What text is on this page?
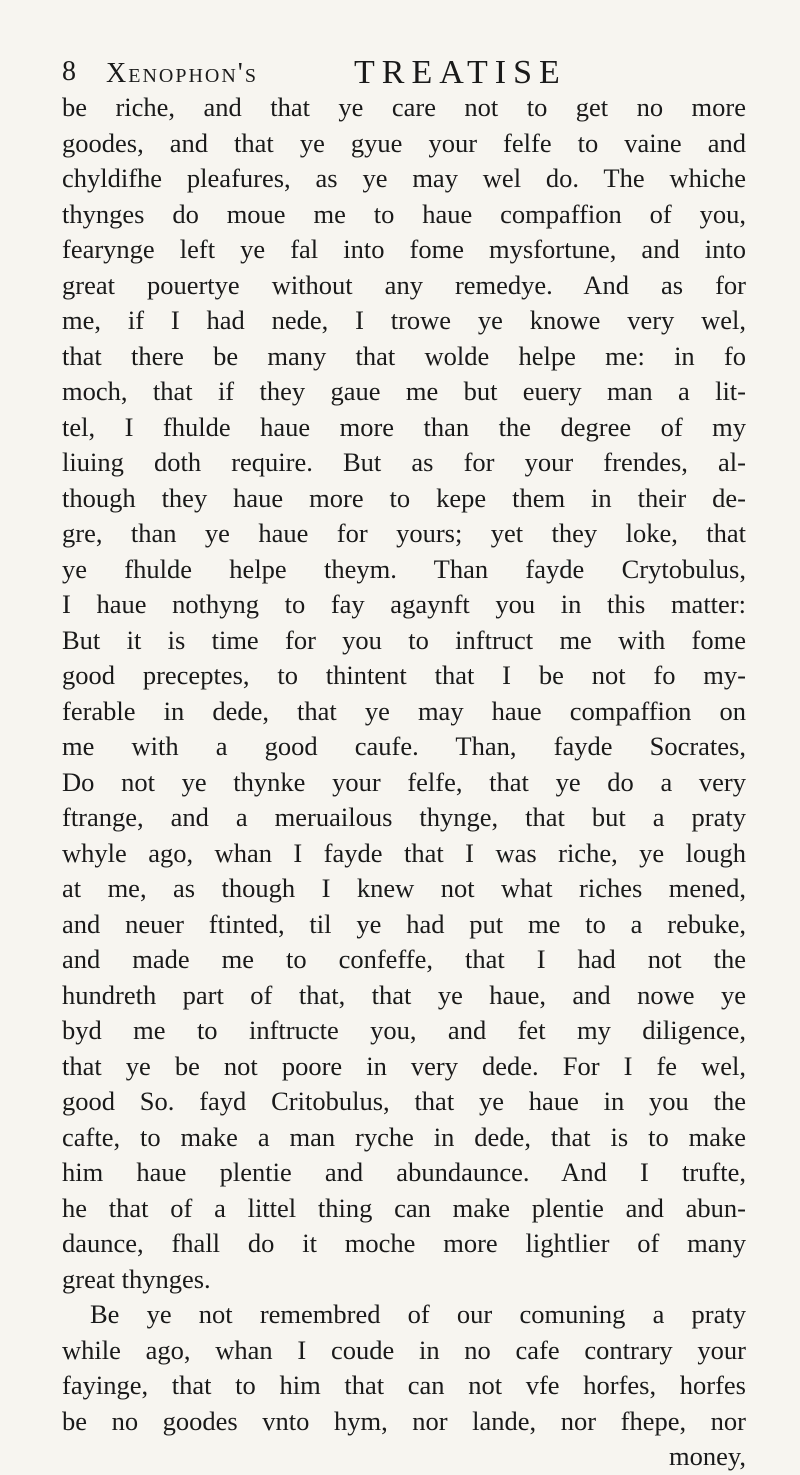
8 Xenophon's	TREATISE
be riche, and that ye care not to get no more
goodes, and that ye gyue your felfe to vaine and
chyldifhe pleafures, as ye may wel do. The whiche
thynges do moue me to haue compaffion of you,
fearynge left ye fal into fome mysfortune, and into
great pouertye without any remedye. And as for
me, if I had nede, I trowe ye knowe very wel,
that there be many that wolde helpe me: in fo
moch, that if they gaue me but euery man a lit-
tel, I fhulde haue more than the degree of my
liuing doth require. But as for your frendes, al-
though they haue more to kepe them in their de-
gre, than ye haue for yours; yet they loke, that
ye fhulde helpe theym. Than fayde Crytobulus,
I haue nothyng to fay agaynft you in this matter:
But it is time for you to inftruct me with fome
good preceptes, to thintent that I be not fo my-
ferable in dede, that ye may haue compaffion on
me with a good caufe. Than, fayde Socrates,
Do not ye thynke your felfe, that ye do a very
ftrange, and a meruailous thynge, that but a praty
whyle ago, whan I fayde that I was riche, ye lough
at me, as though I knew not what riches mened,
and neuer ftinted, til ye had put me to a rebuke,
and made me to confeffe, that I had not the
hundreth part of that, that ye haue, and nowe ye
byd me to inftructe you, and fet my diligence,
that ye be not poore in very dede. For I fe wel,
good So. fayd Critobulus, that ye haue in you the
cafte, to make a man ryche in dede, that is to make
him haue plentie and abundaunce. And I trufte,
he that of a littel thing can make plentie and abun-
daunce, fhall do it moche more lightlier of many
great thynges.
Be ye not remembred of our comuning a praty
while ago, whan I coude in no cafe contrary your
fayinge, that to him that can not vfe horfes, horfes
be no goodes vnto hym, nor lande, nor fhepe, nor
money,
